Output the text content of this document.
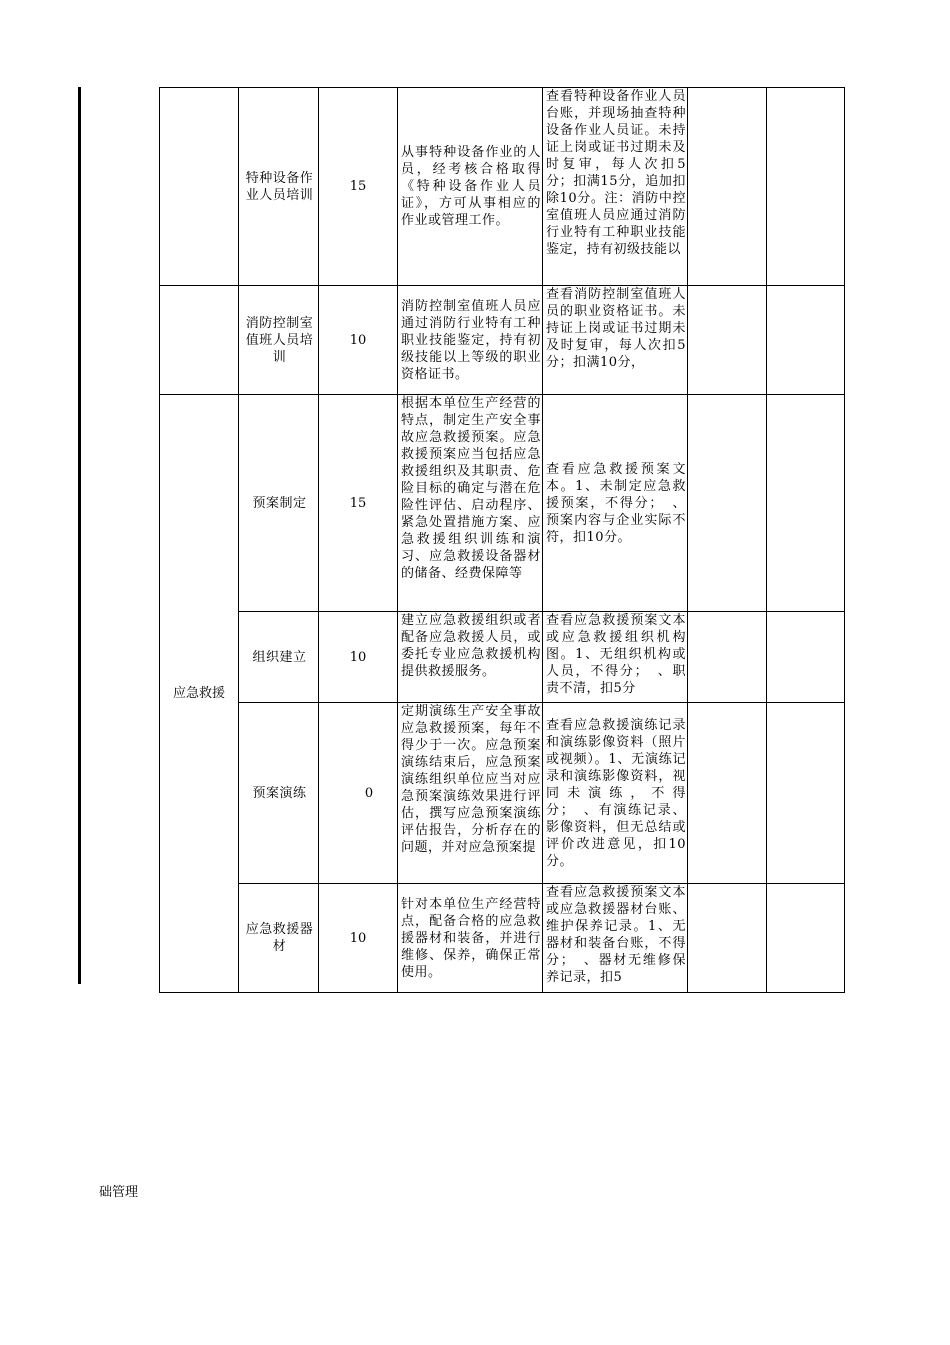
	特种设备作业人员培训	15	从事特种设备作业的人员，经考核合格取得《特种设备作业人员证》，方可从事相应的作业或管理工作。	查看特种设备作业人员台账，并现场抽查特种设备作业人员证。未持证上岗或证书过期未及时复审，每人次扣5分；扣满15分，追加扣除10分。注：消防中控室值班人员应通过消防行业特有工种职业技能鉴定，持有初级技能以		

	消防控制室值班人员培训	10	消防控制室值班人员应通过消防行业特有工种职业技能鉴定，持有初级技能以上等级的职业资格证书。	查看消防控制室值班人员的职业资格证书。未持证上岗或证书过期未及时复审，每人次扣5分；扣满10分，		

应急救援	预案制定	15	根据本单位生产经营的特点，制定生产安全事故应急救援预案。应急救援预案应当包括应急救援组织及其职责、危险目标的确定与潜在危险性评估、启动程序、紧急处置措施方案、应急救援组织训练和演习、应急救援设备器材的储备、经费保障等	查看应急救援预案文本。1、未制定应急救援预案，不得分；　、预案内容与企业实际不符，扣10分。		

	组织建立	10	建立应急救援组织或者配备应急救援人员，或委托专业应急救援机构提供救援服务。	查看应急救援预案文本或应急救援组织机构图。1、无组织机构或人员，不得分；　、职责不清，扣5分		

	预案演练	0	定期演练生产安全事故应急救援预案，每年不得少于一次。应急预案演练结束后，应急预案演练组织单位应当对应急预案演练效果进行评估，撰写应急预案演练评估报告，分析存在的问题，并对应急预案提	查看应急救援演练记录和演练影像资料（照片或视频）。1、无演练记录和演练影像资料，视同未演练，不得分；　、有演练记录、影像资料，但无总结或评价改进意见，扣10分。		

	应急救援器材	10	针对本单位生产经营特点，配备合格的应急救援器材和装备，并进行维修、保养，确保正常使用。	查看应急救援预案文本或应急救援器材台账、维护保养记录。1、无器材和装备台账，不得分；　、器材无维修保养记录，扣5		

础管理
